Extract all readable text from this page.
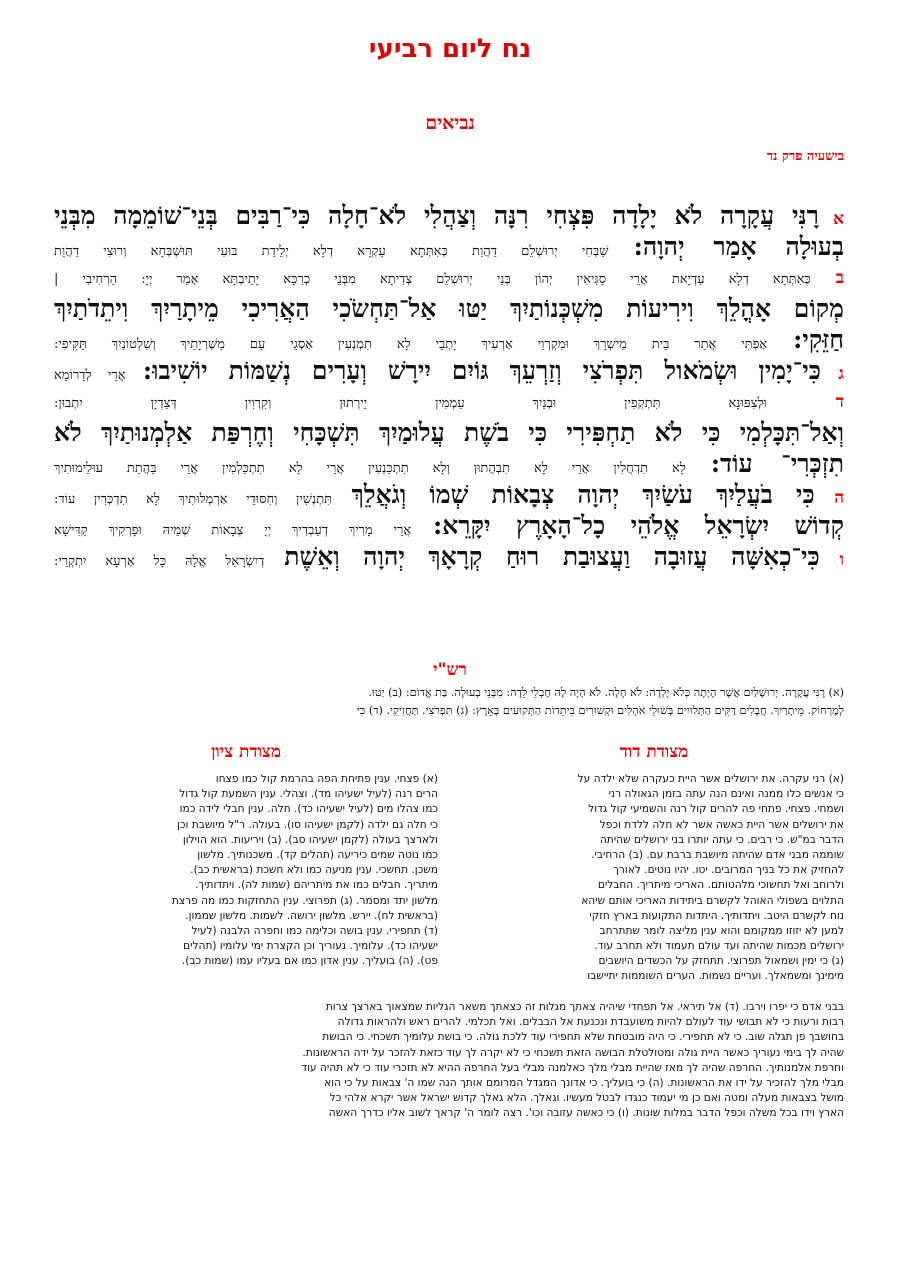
נח ליום רביעי
נביאים
בישעיה פרק נד
א רָנִּי עֲקָרָה לֹא יָלָדָה פִּצְחִי רִנָּה וְצַהֲלִי לֹא־חָלָה כִּי־רַבִּים בְּנֵי־שׁוֹמֵמָה מִבְּנֵי
בְעוּלָה אָמַר יְהוָה: שַׁבְּחִי יְרוּשְׁלֵם דַהֲוַת כְּאִתְּתָא עַקְרָא דְלָא יְלֵידַת בּוּעִי תּוּשְׁבְּחָא וְרוּצִי דַהֲוַת
ב כְּאִתְּתָא דְלָא עַדְיָאת אֲרֵי סַגִּיאִין יְהוֹן בְּנֵי יְרוּשְׁלֵם צְדִיתָא מִבְּנֵי כְרַכָּא יָתֵיבְתָּא אָמַר יְיָ: הַרְחִיבִי |
מְקוֹם אָהֳלֵךְ וִירִיעוֹת מִשְׁכְּנוֹתַיִךְ יַטּוּ אַל־תַּחְשֹׂכִי הַאֲרִיכִי מֵיתָרַיִךְ וִיתֵדֹתַיִךְ
חַזֵּקִי: אַפְתִּי אֲתַר בֵּית מֵישְׁרָךְ וּמִקְרְוֵי אַרְעִיךְ יָתְבֵי לָא תִמְנְעִין אַסְגֵי עַם מַשְׁרְיָתֵיךְ וְשִׁלְטוֹנַיִךְ תַּקִּיפִי:
ג כִּי־יָמִין וּשְׂמֹאול תִּפְרֹצִי וְזַרְעֵךְ גּוֹיִם יִירָשׁ וְעָרִים נְשַׁמּוֹת יוֹשִׁיבוּ: אֲרֵי לְדָרוֹמָא
ד וּלְצִפּוּנָא תִּתְקְפִין וּבְנַיִךְ עַמְמִין יֵירְתוּן וְקִרְוִין דְּצַדְיָן יִתְבוּן:
וְאַל־תִּכָּלְמִי כִּי לֹא תַחְפִּירִי כִּי בֹשֶׁת עֲלוּמַיִךְ תִּשְׁכָּחִי וְחֶרְפַּת אַלְמְנוּתַיִךְ לֹא
תִזְכְּרִי־ עוֹד: לָא תִדְחֲלִין אֲרֵי לָא תִבְהֲתוּן וְלָא תִתְכַּנְעִין אֲרֵי לָא תִתְכַּלְמִין אֲרֵי בַּהֲתַת עוּלֵימוּתִיךְ
ה כִּי בֹעֲלַיִךְ עֹשַׂיִךְ יְהוָה צְבָאוֹת שְׁמוֹ וְגֹאֲלֵךְ תִּתְנְשִׁין וְחִסּוּדֵי אַרְמְלוּתִיךְ לָא תִדְכְּרִין עוֹד:
קְדוֹשׁ יִשְׂרָאֵל אֱלֹהֵי כָל־הָאָרֶץ יִקָּרֵא: אֲרֵי מָרִיךְ דְעַבְדִיךְ יְיָ צְבָאוֹת שְׁמֵיהּ וּפָרְקִיךְ קַדִּישָׁא
ו כִּי־כְאִשָּׁה עֲזוּבָה וַעֲצוּבַת רוּחַ קְרָאָךְ יְהוָה וְאֵשֶׁת דְיִשְׂרָאֵל אֱלָהּ כָּל אַרְעָא יִתְקְרֵי:
רש"י
(א) רָנִּי עֲקָרָה. יְרוּשָׁלַיִם אֲשֶׁר הָיְתָה כְּלֹא יָלְדָה: לֹא חָלָה. לֹא הָיָה לָהּ חֶבְלֵי לֵדָה: מִבְּנֵי בְעוּלָה. בַּת אֱדוֹם: (ב) יַטּוּ.
לְמֶרְחוֹק. מֵיתָרַיִךְ. חֲבָלִים דַּקִּים הַתְּלוּיִים בְּשׁוּלֵי אֹהָלִים וּקְשׁוּרִים בִּיתֵדוֹת הַתְּקוּעִים בָּאָרֶץ: (ג) תִּפְרֹצִי. תַּחֲזִיקִי. (ד) כִּי
מצודת דוד
מצודת ציון
(א) רני עקרה. את ירושלים אשר היית כעקרה שלא ילדה על
כי אנשים כלו ממנה ואינם הנה עתה בזמן הגאולה רני
ושמחי. פצחי. פתחי פה להרים קול רנה והשמיעי קול גדול
את ירושלים אשר היית כאשה אשר לא חלה ללדת וכפל
הדבר במ"ש. כי רבים. כי עתה יותרו בני ירושלים שהיתה
שוממה מבני אדם שהיתה מיושבת ברבת עם. (ב) הרחיבי.
להחזיק את כל בניך המרובים. יטו. יהיו נוטים. לאורך
ולרוחב ואל תחשוכי מלהטותם. האריכי מיתריך. החבלים
התלוים בשפולי האוהל לקשרם ביתידות האריכי אותם שיהא
נוח לקשרם היטב. ויתדותיך. היתדות התקועות בארץ חזקי
למען לא יזוזו ממקומם והוא ענין מליצה לומר שתתרחב
ירושלים מכמות שהיתה ועד עולם תעמוד ולא תחרב עוד.
(ג) כי ימין ושמאול תפרוצי. תתחזק על הכשדים היושבים
מימינך ומשמאלך. ועריים נשמות. הערים השוממות יתיישבו
(א) פצחי. ענין פתיחת הפה בהרמת קול כמו פצחו
הרים רנה (לעיל ישעיהו מד). וצהלי. ענין השמעת קול גדול
כמו צהלו מים (לעיל ישעיהו כד). חלה. ענין חבלי לידה כמו
כי חלה גם ילדה (לקמן ישעיהו סו). בעולה. ר"ל מיושבת וכן
ולארצך בעולה (לקמן ישעיהו סב). (ב) ויריעות. הוא הוילון
כמו נוטה שמים כיריעה (תהלים קד). משכנותיך. מלשון
משכן. תחשכי. ענין מניעה כמו ולא חשכת (בראשית כב).
מיתריך. חבלים כמו את מיתריהם (שמות לה). ויתדותיך.
מלשון יתד ומסמר. (ג) תפרוצי. ענין התחזקות כמו מה פרצת
(בראשית לח). יירש. מלשון ירושה. לשמות. מלשון שממון.
(ד) תחפירי. ענין בושה וכלימה כמו וחפרה הלבנה (לעיל
ישעיהו כד). עלומיך. נעוריך וכן הקצרת ימי עלומיו (תהלים
פט). (ה) בועליך. ענין אדון כמו אם בעליו עמו (שמות כב).
בבני אדם כי יפרו וירבו. (ד) אל תיראי. אל תפחדי שיהיה צאתך מגלות זה כצאתך משאר הגליות שמצאוך בארצך צרות
רבות ורעות כי לא תבושי עוד לעולם להיות משועבדת ונכנעת אל הבבלים. ואל תכלמי. להרים ראש ולהראות גדולה
בחושבך פן תגלה שוב. כי לא תחפירי. כי היה מובטחת שלא תחפירי עוד ללכת גולה. כי בושת עלומיך תשכחי. כי הבושת
שהיה לך בימי נעוריך כאשר היית גולה ומטולטלת הבושה הזאת תשכחי כי לא יקרה לך עוד כזאת להזכר על ידה הראשונות.
וחרפת אלמנותיך. החרפה שהיה לך מאז שהיית מבלי מלך כאלמנה מבלי בעל החרפה ההיא לא תזכרי עוד כי לא תהיה עוד
מבלי מלך להזכיר על ידו את הראשונות. (ה) כי בועליך. כי אדונך המגדל המרומם אותך הנה שמו ה' צבאות על כי הוא
מושל בצבאות מעלה ומטה ואם כן מי יעמוד כנגדו לבטל מעשיו. וגאלך. הלא גאלך קדוש ישראל אשר יקרא אלהי כל
הארץ וידו בכל משלה וכפל הדבר במלות שונות. (ו) כי כאשה עזובה וכו'. רצה לומר ה' קראך לשוב אליו כדרך האשה
